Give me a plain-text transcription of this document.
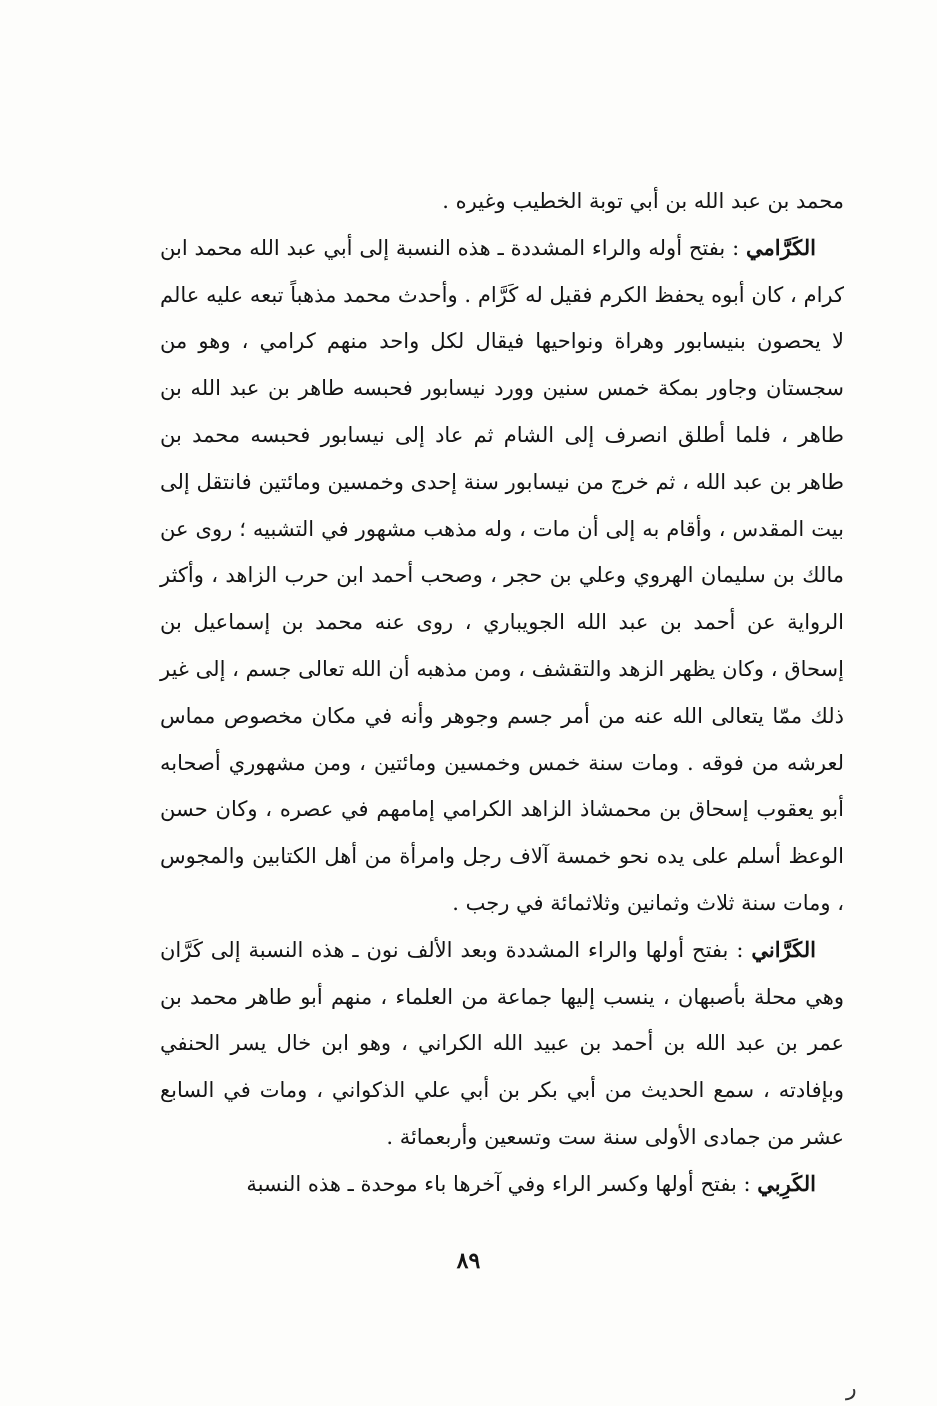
محمد بن عبد الله بن أبي توبة الخطيب وغيره .

الكَرَّامي : بفتح أوله والراء المشددة ـ هذه النسبة إلى أبي عبد الله محمد ابن كرام ، كان أبوه يحفظ الكرم فقيل له كَرَّام . وأحدث محمد مذهباً تبعه عليه عالم لا يحصون بنيسابور وهراة ونواحيها فيقال لكل واحد منهم كرامي ، وهو من سجستان وجاور بمكة خمس سنين وورد نيسابور فحبسه طاهر بن عبد الله بن طاهر ، فلما أطلق انصرف إلى الشام ثم عاد إلى نيسابور فحبسه محمد بن طاهر بن عبد الله ، ثم خرج من نيسابور سنة إحدى وخمسين ومائتين فانتقل إلى بيت المقدس ، وأقام به إلى أن مات ، وله مذهب مشهور في التشبيه ؛ روى عن مالك بن سليمان الهروي وعلي بن حجر ، وصحب أحمد ابن حرب الزاهد ، وأكثر الرواية عن أحمد بن عبد الله الجويباري ، روى عنه محمد بن إسماعيل بن إسحاق ، وكان يظهر الزهد والتقشف ، ومن مذهبه أن الله تعالى جسم ، إلى غير ذلك ممّا يتعالى الله عنه من أمر جسم وجوهر وأنه في مكان مخصوص مماس لعرشه من فوقه . ومات سنة خمس وخمسين ومائتين ، ومن مشهوري أصحابه أبو يعقوب إسحاق بن محمشاذ الزاهد الكرامي إمامهم في عصره ، وكان حسن الوعظ أسلم على يده نحو خمسة آلاف رجل وامرأة من أهل الكتابين والمجوس ، ومات سنة ثلاث وثمانين وثلاثمائة في رجب .

الكَرَّاني : بفتح أولها والراء المشددة وبعد الألف نون ـ هذه النسبة إلى كَرَّان وهي محلة بأصبهان ، ينسب إليها جماعة من العلماء ، منهم أبو طاهر محمد بن عمر بن عبد الله بن أحمد بن عبيد الله الكراني ، وهو ابن خال يسر الحنفي وبإفادته ، سمع الحديث من أبي بكر بن أبي علي الذكواني ، ومات في السابع عشر من جمادى الأولى سنة ست وتسعين وأربعمائة .

الكَرِبي : بفتح أولها وكسر الراء وفي آخرها باء موحدة ـ هذه النسبة

٨٩
ر
